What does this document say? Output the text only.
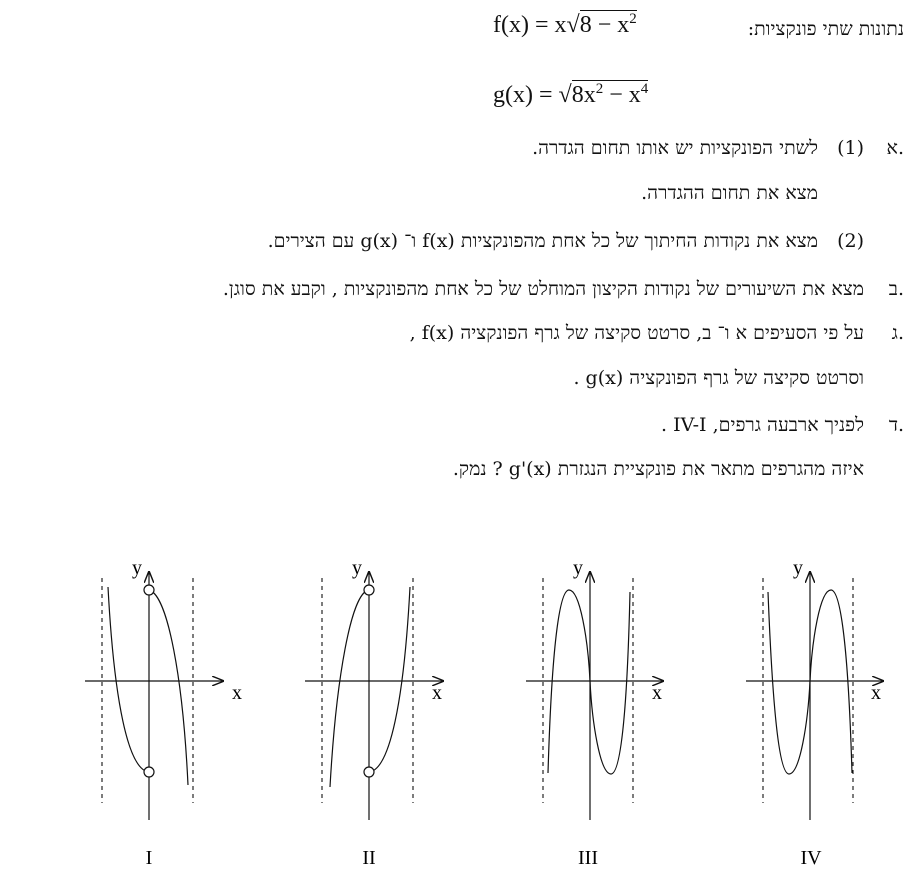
נתונות שתי פונקציות:
$f(x) = x√8 - x^2$
$g(x) = √8x^2 - x^4$
א.
(1)
לשתי הפונקציות יש אותו תחום הגדרה.
מצא את תחום ההגדרה.
(2)
מצא את נקודות החיתוך של כל אחת מהפונקציות f(x) ו־ g(x) עם הצירים.
ב.
מצא את השיעורים של נקודות הקיצון המוחלט של כל אחת מהפונקציות , וקבע את סוגן.
ג.
על פי הסעיפים א ו־ ב, סרטט סקיצה של גרף הפונקציה f(x) ,
וסרטט סקיצה של גרף הפונקציה g(x) .
ד.
לפניך ארבעה גרפים, IV-I .
איזה מהגרפים מתאר את פונקציית הנגזרת g'(x) ? נמק.
x
y
I
x
y
II
x
y
III
x
y
IV
